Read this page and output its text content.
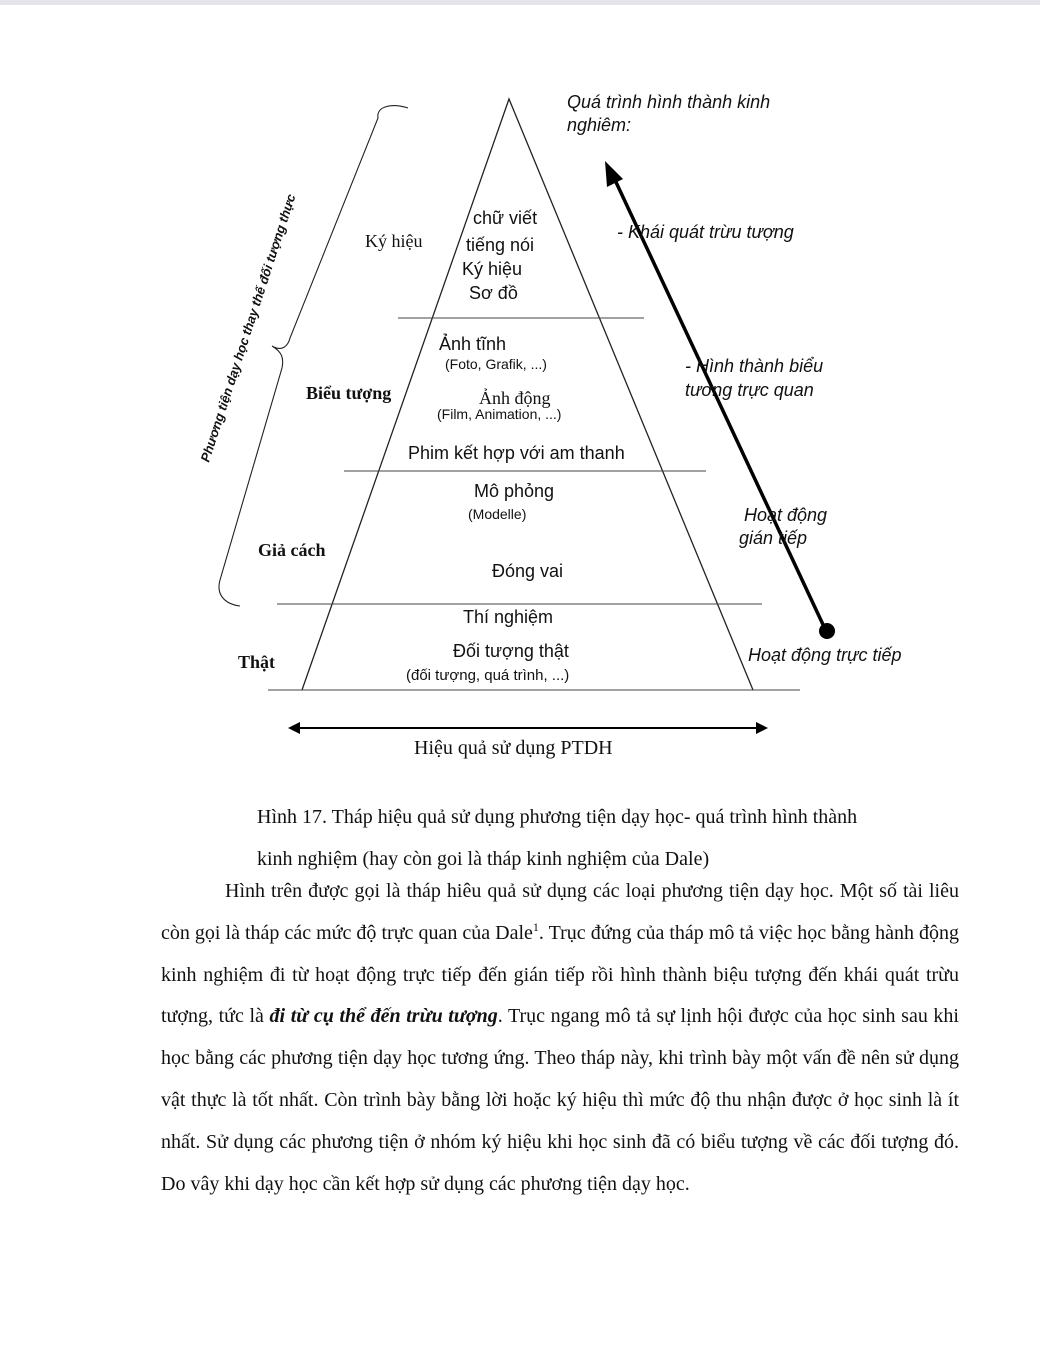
Quá trình hình thành kinh nghiêm:
Phương tiện dạy học thay thế đối tượng thực	Ký hiệu
Biểu tượng
Giả cách
Thật
chữ viết
tiếng nói
Ký hiệu
Sơ đồ
Ảnh tĩnh
(Foto, Grafik, ...)
Ảnh động
(Film, Animation, ...)
Phim kết hợp với am thanh
Mô phỏng
(Modelle)
Đóng vai
Thí nghiệm
Đối tượng thật
(đối tượng, quá trình, ...)
- Khái quát trừu tượng
- Hình thành biểu
tương trực quan
Hoạt động
gián tiếp
Hoạt động trực tiếp
Hiệu quả sử dụng PTDH
Hình 17. Tháp hiệu quả sử dụng phương tiện dạy học- quá trình hình thành
kinh nghiệm (hay còn goi là tháp kinh nghiệm của Dale)
Hình trên được gọi là tháp hiêu quả sử dụng các loại phương tiện dạy học. Một số tài liêu còn gọi là tháp các mức độ trực quan của Dale$^1$. Trục đứng của tháp mô tả việc học bằng hành động kinh nghiệm đi từ hoạt động trực tiếp đến gián tiếp rồi hình thành biệu tượng đến khái quát trừu tượng, tức là đi từ cụ thể đến trừu tượng. Trục ngang mô tả sự lịnh hội được của học sinh sau khi học bằng các phương tiện dạy học tương ứng. Theo tháp này, khi trình bày một vấn đề nên sử dụng vật thực là tốt nhất. Còn trình bày bằng lời hoặc ký hiệu thì mức độ thu nhận được ở học sinh là ít nhất. Sử dụng các phương tiện ở nhóm ký hiệu khi học sinh đã có biểu tượng về các đối tượng đó. Do vây khi dạy học cần kết hợp sử dụng các phương tiện dạy học.
